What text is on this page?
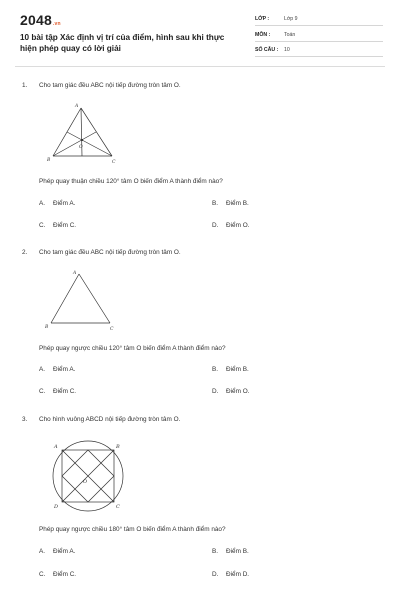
2048.vn
10 bài tập Xác định vị trí của điểm, hình sau khi thực hiện phép quay có lời giải
LỚP :	Lớp 9
MÔN :	Toán
SỐ CÂU : 10
1. Cho tam giác đều ABC nội tiếp đường tròn tâm O.
A
B	C
O
Phép quay thuận chiều 120° tâm O biến điểm A thành điểm nào?
A. Điểm A.	B. Điểm B.
C. Điểm C.	D. Điểm O.
2. Cho tam giác đều ABC nội tiếp đường tròn tâm O.
A
B	C
Phép quay ngược chiều 120° tâm O biến điểm A thành điểm nào?
A. Điểm A.	B. Điểm B.
C. Điểm C.	D. Điểm O.
3. Cho hình vuông ABCD nội tiếp đường tròn tâm O.
A	B
C
D
O
Phép quay ngược chiều 180° tâm O biến điểm A thành điểm nào?
A. Điểm A.	B. Điểm B.
C. Điểm C.	D. Điểm D.
